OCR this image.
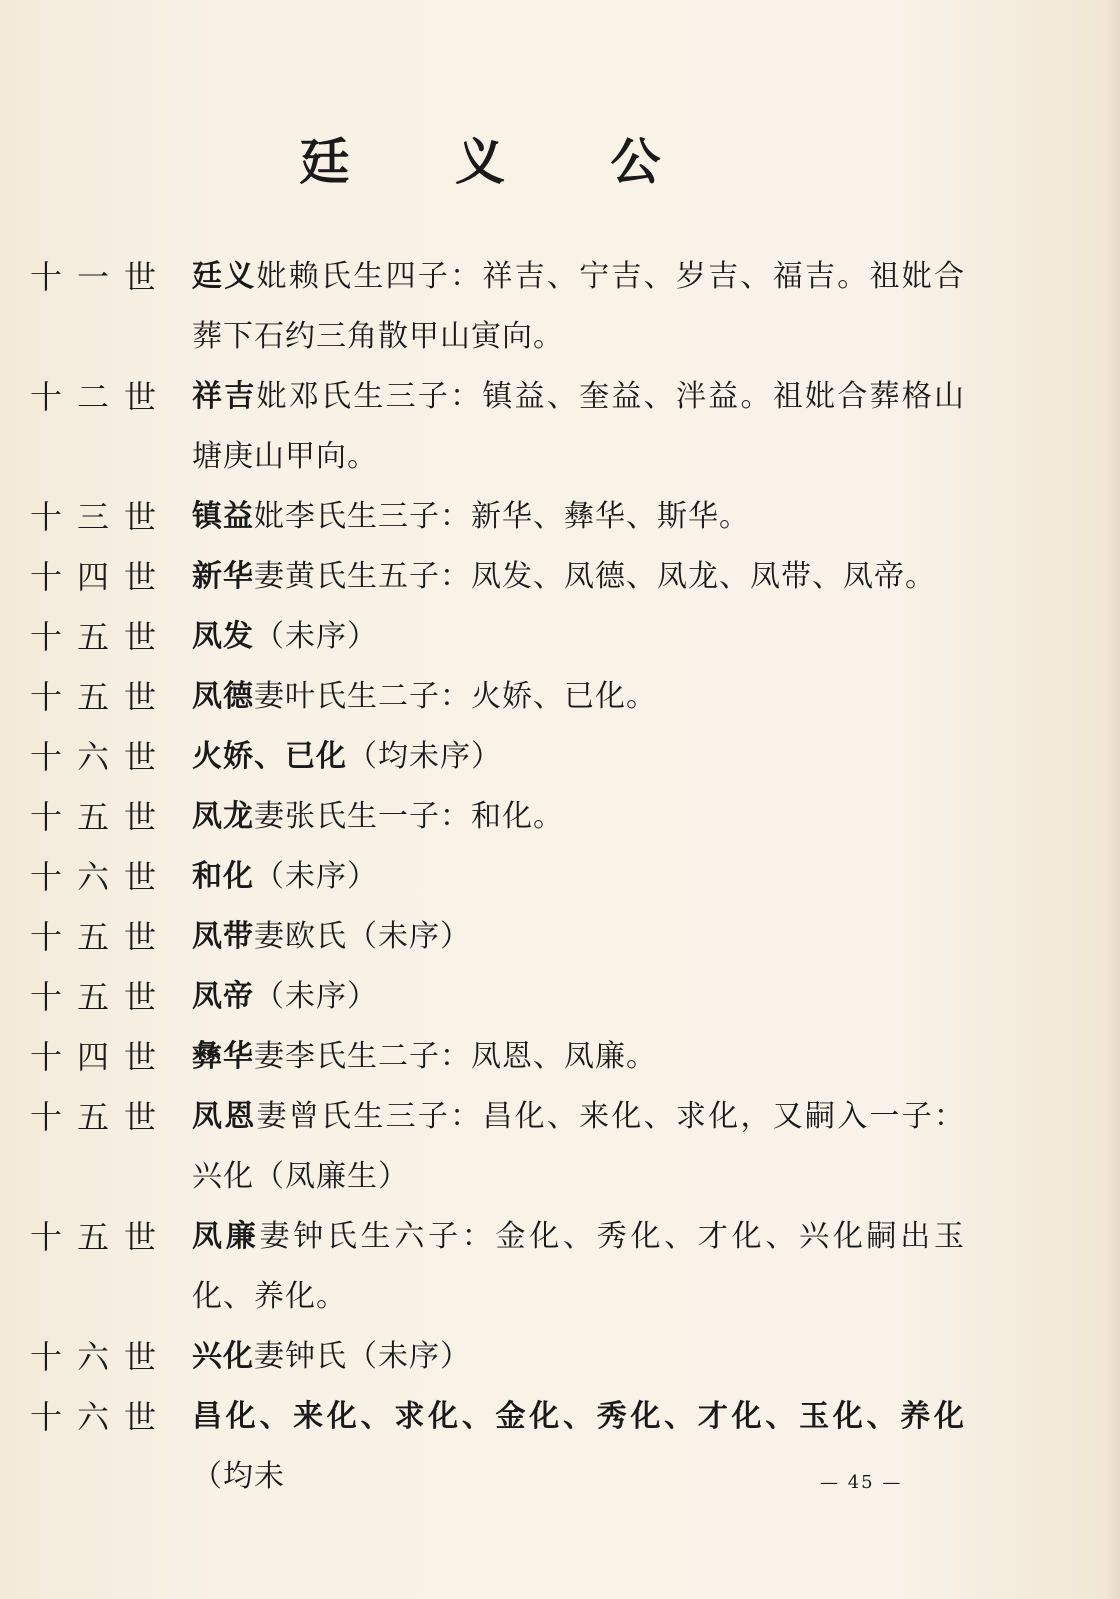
廷 义 公
十一世 廷义妣赖氏生四子：祥吉、宁吉、岁吉、福吉。祖妣合葬下石约三角散甲山寅向。
十二世 祥吉妣邓氏生三子：镇益、奎益、泮益。祖妣合葬格山塘庚山甲向。
十三世 镇益妣李氏生三子：新华、彝华、斯华。
十四世 新华妻黄氏生五子：凤发、凤德、凤龙、凤带、凤帝。
十五世 凤发（未序）
十五世 凤德妻叶氏生二子：火娇、已化。
十六世 火娇、已化（均未序）
十五世 凤龙妻张氏生一子：和化。
十六世 和化（未序）
十五世 凤带妻欧氏（未序）
十五世 凤帝（未序）
十四世 彝华妻李氏生二子：凤恩、凤廉。
十五世 凤恩妻曾氏生三子：昌化、来化、求化，又嗣入一子：兴化（凤廉生）
十五世 凤廉妻钟氏生六子：金化、秀化、才化、兴化嗣出玉化、养化。
十六世 兴化妻钟氏（未序）
十六世 昌化、来化、求化、金化、秀化、才化、玉化、养化（均未	— 45 —
